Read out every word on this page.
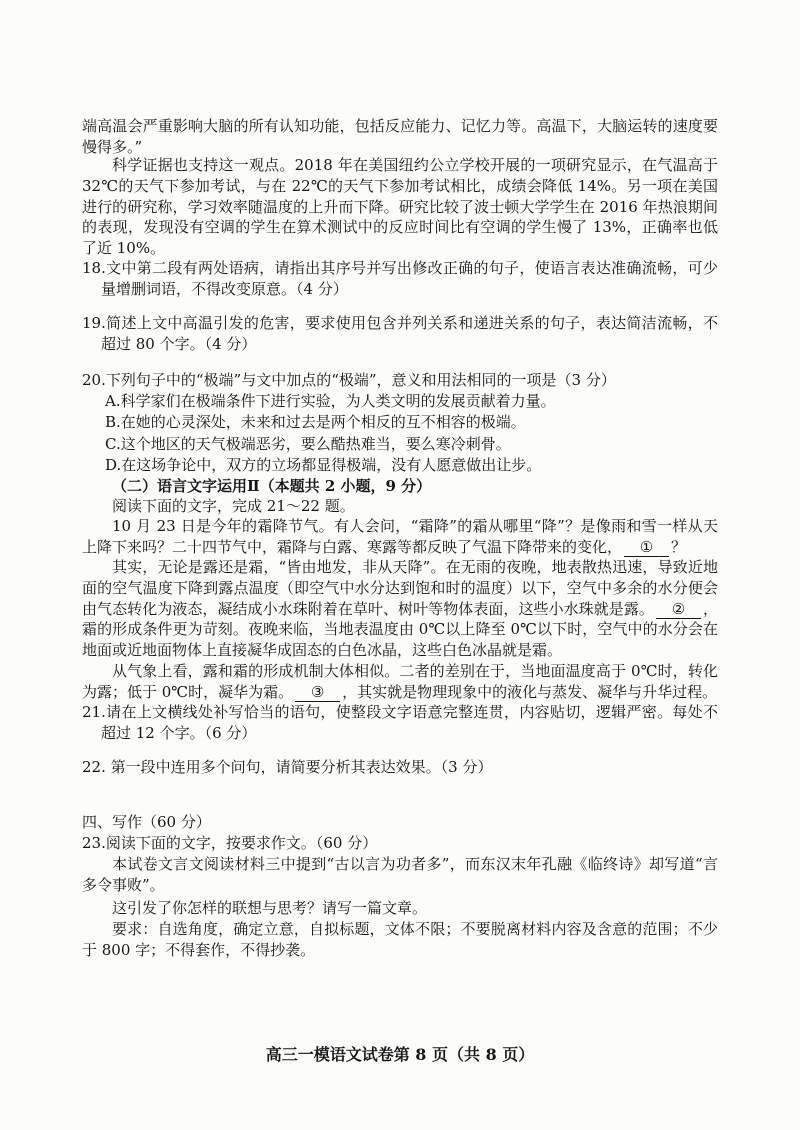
端高温会严重影响大脑的所有认知功能，包括反应能力、记忆力等。高温下，大脑运转的速度要慢得多。”

科学证据也支持这一观点。2018 年在美国纽约公立学校开展的一项研究显示，在气温高于 32℃的天气下参加考试，与在 22℃的天气下参加考试相比，成绩会降低 14%。另一项在美国进行的研究称，学习效率随温度的上升而下降。研究比较了波士顿大学学生在 2016 年热浪期间的表现，发现没有空调的学生在算术测试中的反应时间比有空调的学生慢了 13%，正确率也低了近 10%。

18.文中第二段有两处语病，请指出其序号并写出修改正确的句子，使语言表达准确流畅，可少量增删词语，不得改变原意。（4 分）

19.简述上文中高温引发的危害，要求使用包含并列关系和递进关系的句子，表达简洁流畅，不超过 80 个字。（4 分）

20.下列句子中的“极端”与文中加点的“极端”，意义和用法相同的一项是（3 分）
A.科学家们在极端条件下进行实验，为人类文明的发展贡献着力量。
B.在她的心灵深处，未来和过去是两个相反的互不相容的极端。
C.这个地区的天气极端恶劣，要么酷热难当，要么寒冷刺骨。
D.在这场争论中，双方的立场都显得极端，没有人愿意做出让步。

（二）语言文字运用Ⅱ（本题共 2 小题，9 分）

阅读下面的文字，完成 21～22 题。

10 月 23 日是今年的霜降节气。有人会问，“霜降”的霜从哪里“降”？是像雨和雪一样从天上降下来吗？二十四节气中，霜降与白露、寒露等都反映了气温下降带来的变化， ① ？

其实，无论是露还是霜，“皆由地发，非从天降”。在无雨的夜晚，地表散热迅速，导致近地面的空气温度下降到露点温度（即空气中水分达到饱和时的温度）以下，空气中多余的水分便会由气态转化为液态，凝结成小水珠附着在草叶、树叶等物体表面，这些小水珠就是露。 ② ，霜的形成条件更为苛刻。夜晚来临，当地表温度由 0℃以上降至 0℃以下时，空气中的水分会在地面或近地面物体上直接凝华成固态的白色冰晶，这些白色冰晶就是霜。

从气象上看，露和霜的形成机制大体相似。二者的差别在于，当地面温度高于 0℃时，转化为露；低于 0℃时，凝华为霜。 ③ ，其实就是物理现象中的液化与蒸发、凝华与升华过程。

21.请在上文横线处补写恰当的语句，使整段文字语意完整连贯，内容贴切，逻辑严密。每处不超过 12 个字。（6 分）

22. 第一段中连用多个问句，请简要分析其表达效果。（3 分）

四、写作（60 分）

23.阅读下面的文字，按要求作文。（60 分）

本试卷文言文阅读材料三中提到“古以言为功者多”，而东汉末年孔融《临终诗》却写道“言多令事败”。

这引发了你怎样的联想与思考？请写一篇文章。

要求：自选角度，确定立意，自拟标题，文体不限；不要脱离材料内容及含意的范围；不少于 800 字；不得套作，不得抄袭。

高三一模语文试卷第 8 页（共 8 页）
